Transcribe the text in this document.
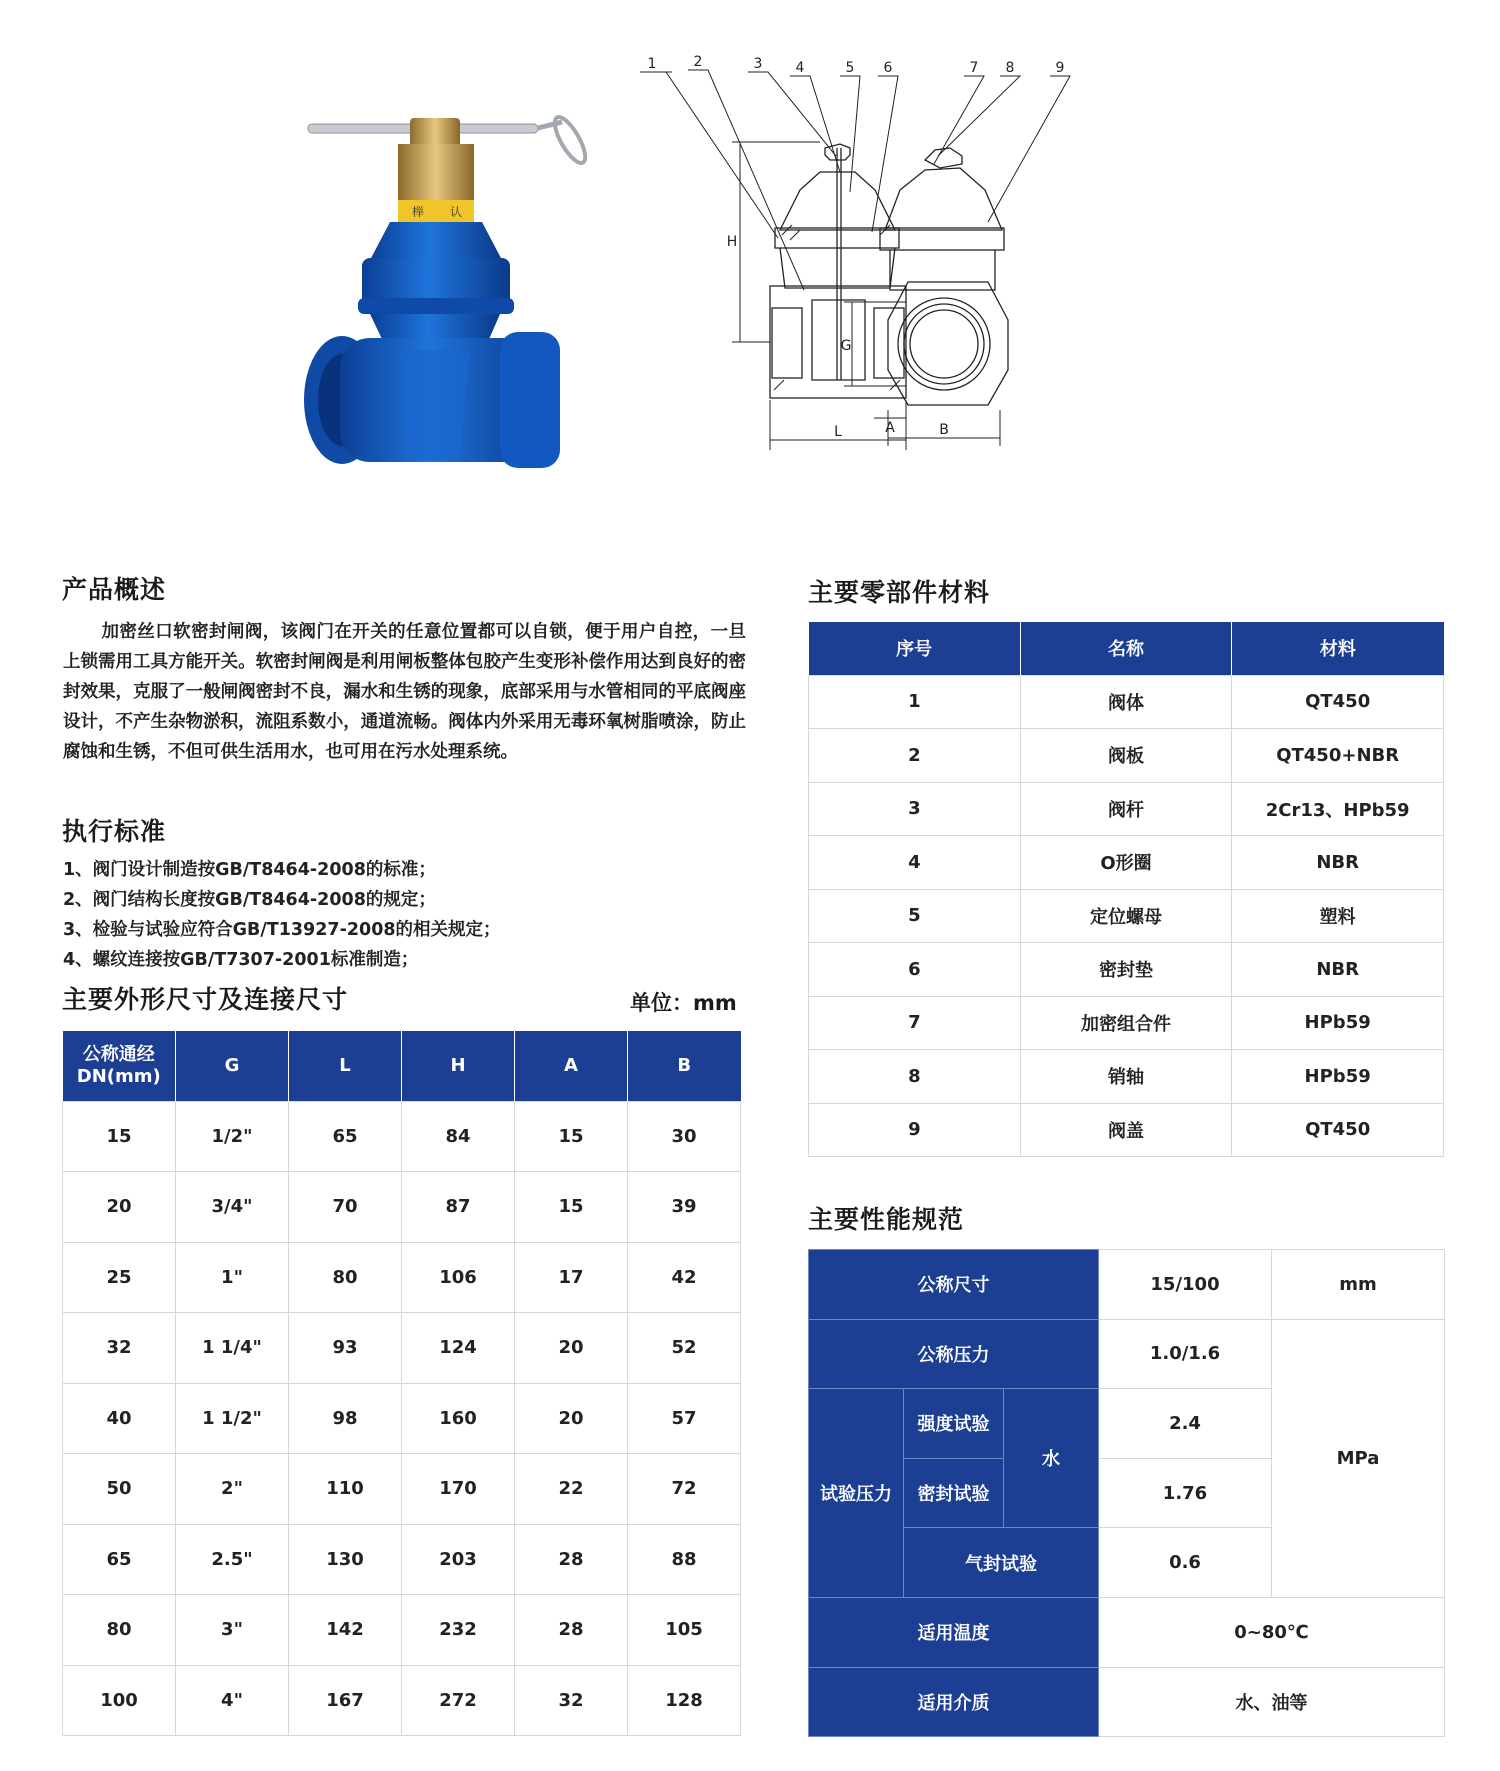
榉 认
1	2	3 4	5 6	7 8	9
H
G
A
L	B
产品概述

加密丝口软密封闸阀，该阀门在开关的任意位置都可以自锁，便于用户自控，一旦上锁需用工具方能开关。软密封闸阀是利用闸板整体包胶产生变形补偿作用达到良好的密封效果，克服了一般闸阀密封不良，漏水和生锈的现象，底部采用与水管相同的平底阀座设计，不产生杂物淤积，流阻系数小，通道流畅。阀体内外采用无毒环氧树脂喷涂，防止腐蚀和生锈，不但可供生活用水，也可用在污水处理系统。

执行标准
1、阀门设计制造按GB/T8464-2008的标准；
2、阀门结构长度按GB/T8464-2008的规定；
3、检验与试验应符合GB/T13927-2008的相关规定；
4、螺纹连接按GB/T7307-2001标准制造；
主要外形尺寸及连接尺寸	单位：mm
公称通经
DN(mm)	G	L	H	A	B
15	1/2"	65	84	15	30
20	3/4"	70	87	15	39
25	1"	80	106	17	42
32	1 1/4"	93	124	20	52
40	1 1/2"	98	160	20	57
50	2"	110	170	22	72
65	2.5"	130	203	28	88
80	3"	142	232	28	105
100	4"	167	272	32	128
主要零部件材料
序号	名称	材料
1	阀体	QT450
2	阀板	QT450+NBR
3	阀杆	2Cr13、HPb59
4	O形圈	NBR
5	定位螺母	塑料
6	密封垫	NBR
7	加密组合件	HPb59
8	销轴	HPb59
9	阀盖	QT450
主要性能规范
公称尺寸			15/100	mm
公称压力			1.0/1.6	MPa
试验压力	强度试验	水	2.4	
	密封试验		1.76	
	气封试验		0.6	
适用温度			0~80℃	
适用介质			水、油等	
